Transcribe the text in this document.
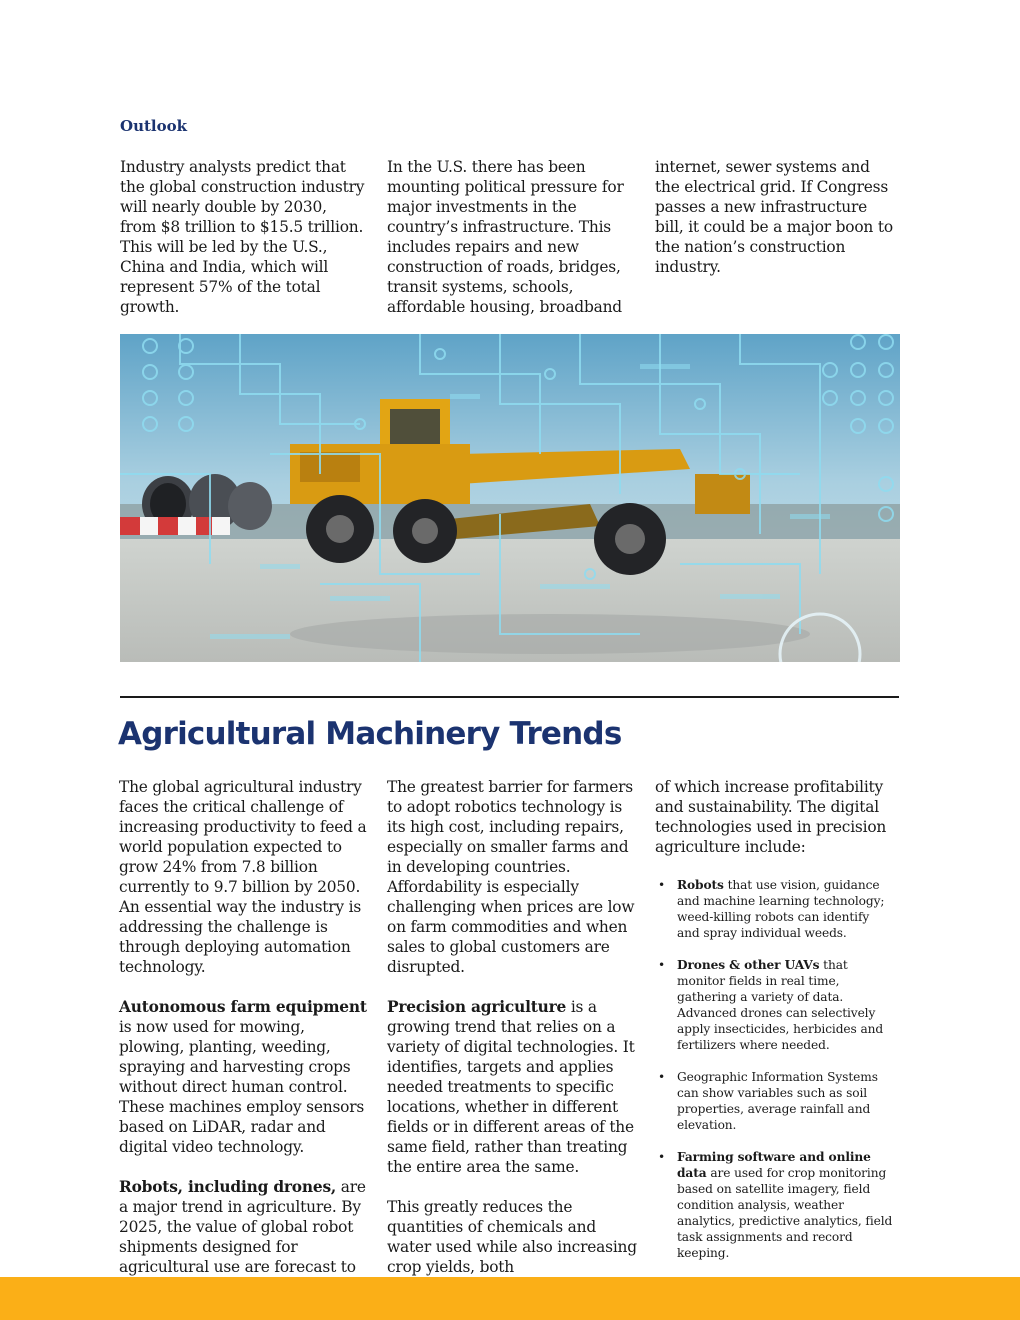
Outlook

Industry analysts predict that the global construction industry will nearly double by 2030, from $8 trillion to $15.5 trillion. This will be led by the U.S., China and India, which will represent 57% of the total growth.

In the U.S. there has been mounting political pressure for major investments in the country’s infrastructure. This includes repairs and new construction of roads, bridges, transit systems, schools, affordable housing, broadband

internet, sewer systems and the electrical grid. If Congress passes a new infrastructure bill, it could be a major boon to the nation’s construction industry.

Agricultural Machinery Trends

The global agricultural industry faces the critical challenge of increasing productivity to feed a world population expected to grow 24% from 7.8 billion currently to 9.7 billion by 2050. An essential way the industry is addressing the challenge is through deploying automation technology.

Autonomous farm equipment is now used for mowing, plowing, planting, weeding, spraying and harvesting crops without direct human control. These machines employ sensors based on LiDAR, radar and digital video technology.

Robots, including drones, are a major trend in agriculture. By 2025, the value of global robot shipments designed for agricultural use are forecast to

The greatest barrier for farmers to adopt robotics technology is its high cost, including repairs, especially on smaller farms and in developing countries. Affordability is especially challenging when prices are low on farm commodities and when sales to global customers are disrupted.

Precision agriculture is a growing trend that relies on a variety of digital technologies. It identifies, targets and applies needed treatments to specific locations, whether in different fields or in different areas of the same field, rather than treating the entire area the same.

This greatly reduces the quantities of chemicals and water used while also increasing crop yields, both

of which increase profitability and sustainability. The digital technologies used in precision agriculture include:

• Robots that use vision, guidance and machine learning technology; weed-killing robots can identify and spray individual weeds.
• Drones & other UAVs that monitor fields in real time, gathering a variety of data. Advanced drones can selectively apply insecticides, herbicides and fertilizers where needed.
• Geographic Information Systems can show variables such as soil properties, average rainfall and elevation.
• Farming software and online data are used for crop monitoring based on satellite imagery, field condition analysis, weather analytics, predictive analytics, field task assignments and record keeping.
